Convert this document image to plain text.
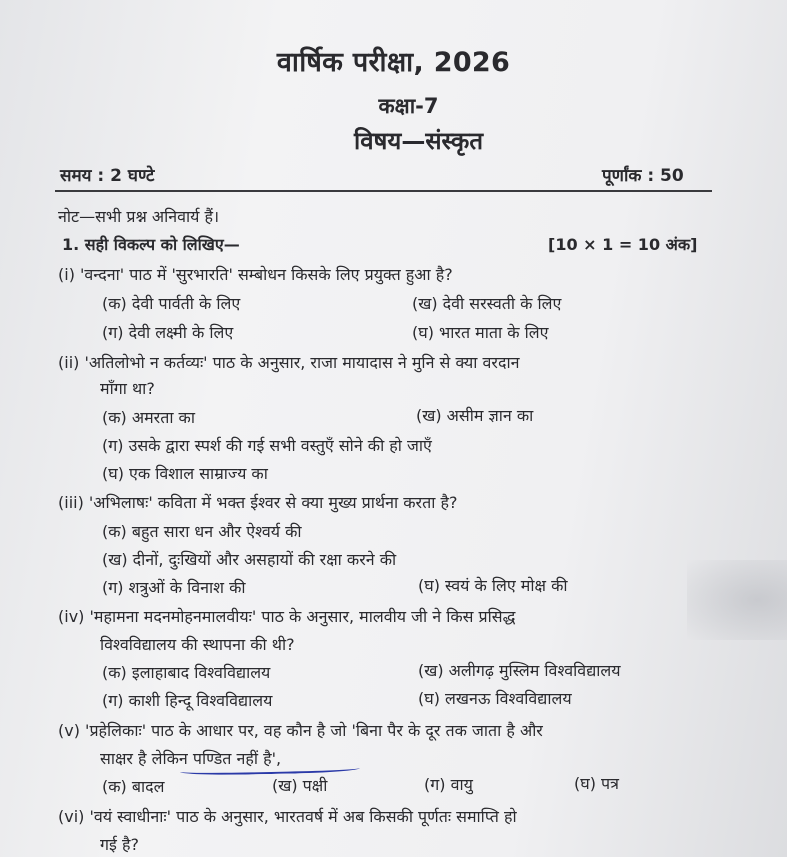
वार्षिक परीक्षा, 2026
कक्षा-7
विषय—संस्कृत
समय : 2 घण्टे	पूर्णांक : 50
नोट—सभी प्रश्न अनिवार्य हैं।
1. सही विकल्प को लिखिए—	[10 × 1 = 10 अंक]
(i) 'वन्दना' पाठ में 'सुरभारति' सम्बोधन किसके लिए प्रयुक्त हुआ है?
(क) देवी पार्वती के लिए	(ख) देवी सरस्वती के लिए
(ग) देवी लक्ष्मी के लिए	(घ) भारत माता के लिए
(ii) 'अतिलोभो न कर्तव्यः' पाठ के अनुसार, राजा मायादास ने मुनि से क्या वरदान
माँगा था?
(क) अमरता का	(ख) असीम ज्ञान का
(ग) उसके द्वारा स्पर्श की गई सभी वस्तुएँ सोने की हो जाएँ
(घ) एक विशाल साम्राज्य का
(iii) 'अभिलाषः' कविता में भक्त ईश्वर से क्या मुख्य प्रार्थना करता है?
(क) बहुत सारा धन और ऐश्वर्य की
(ख) दीनों, दुःखियों और असहायों की रक्षा करने की
(ग) शत्रुओं के विनाश की	(घ) स्वयं के लिए मोक्ष की
(iv) 'महामना मदनमोहनमालवीयः' पाठ के अनुसार, मालवीय जी ने किस प्रसिद्ध
विश्वविद्यालय की स्थापना की थी?
(क) इलाहाबाद विश्वविद्यालय	(ख) अलीगढ़ मुस्लिम विश्वविद्यालय
(ग) काशी हिन्दू विश्वविद्यालय	(घ) लखनऊ विश्वविद्यालय
(v) 'प्रहेलिकाः' पाठ के आधार पर, वह कौन है जो 'बिना पैर के दूर तक जाता है और
साक्षर है लेकिन पण्डित नहीं है',
(क) बादल	(ख) पक्षी	(ग) वायु	(घ) पत्र
(vi) 'वयं स्वाधीनाः' पाठ के अनुसार, भारतवर्ष में अब किसकी पूर्णतः समाप्ति हो
गई है?
